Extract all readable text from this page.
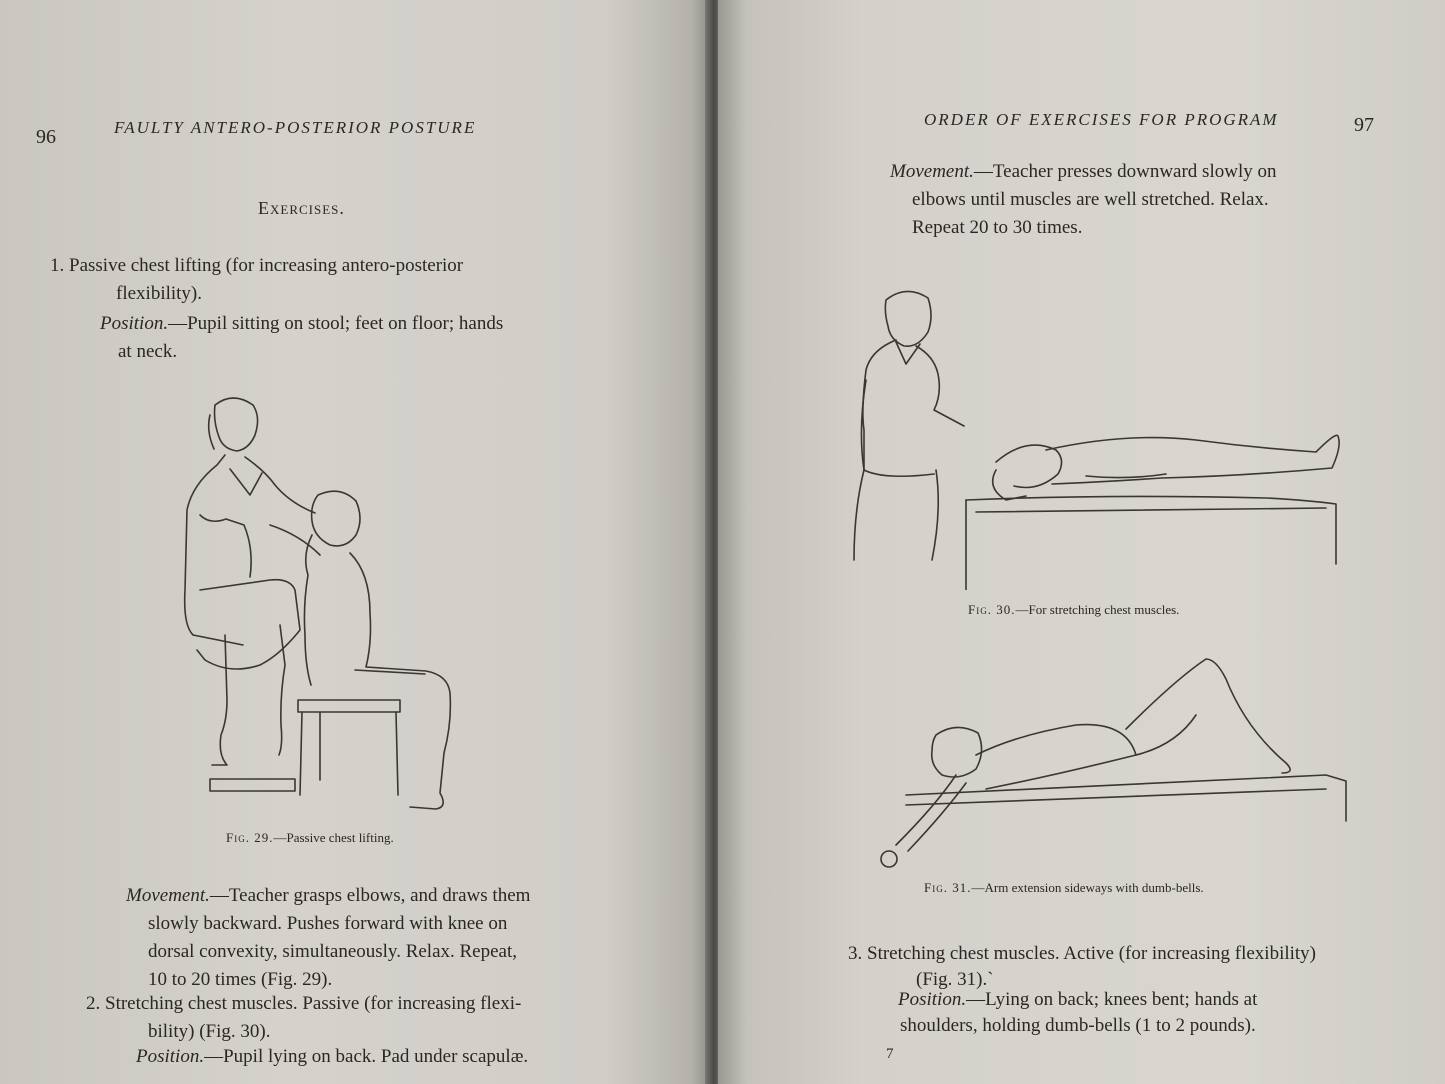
96	FAULTY ANTERO-POSTERIOR POSTURE
Exercises.
1. Passive chest lifting (for increasing antero-posterior
flexibility).
Position.—Pupil sitting on stool; feet on floor; hands
at neck.
Fig. 29.—Passive chest lifting.
Movement.—Teacher grasps elbows, and draws them
slowly backward. Pushes forward with knee on
dorsal convexity, simultaneously. Relax. Repeat,
10 to 20 times (Fig. 29).
2. Stretching chest muscles. Passive (for increasing flexi-
bility) (Fig. 30).
Position.—Pupil lying on back. Pad under scapulæ.
ORDER OF EXERCISES FOR PROGRAM	97
Movement.—Teacher presses downward slowly on
elbows until muscles are well stretched. Relax.
Repeat 20 to 30 times.
Fig. 30.—For stretching chest muscles.
Fig. 31.—Arm extension sideways with dumb-bells.
3. Stretching chest muscles. Active (for increasing flexibility)
(Fig. 31).`
Position.—Lying on back; knees bent; hands at
shoulders, holding dumb-bells (1 to 2 pounds).
7
